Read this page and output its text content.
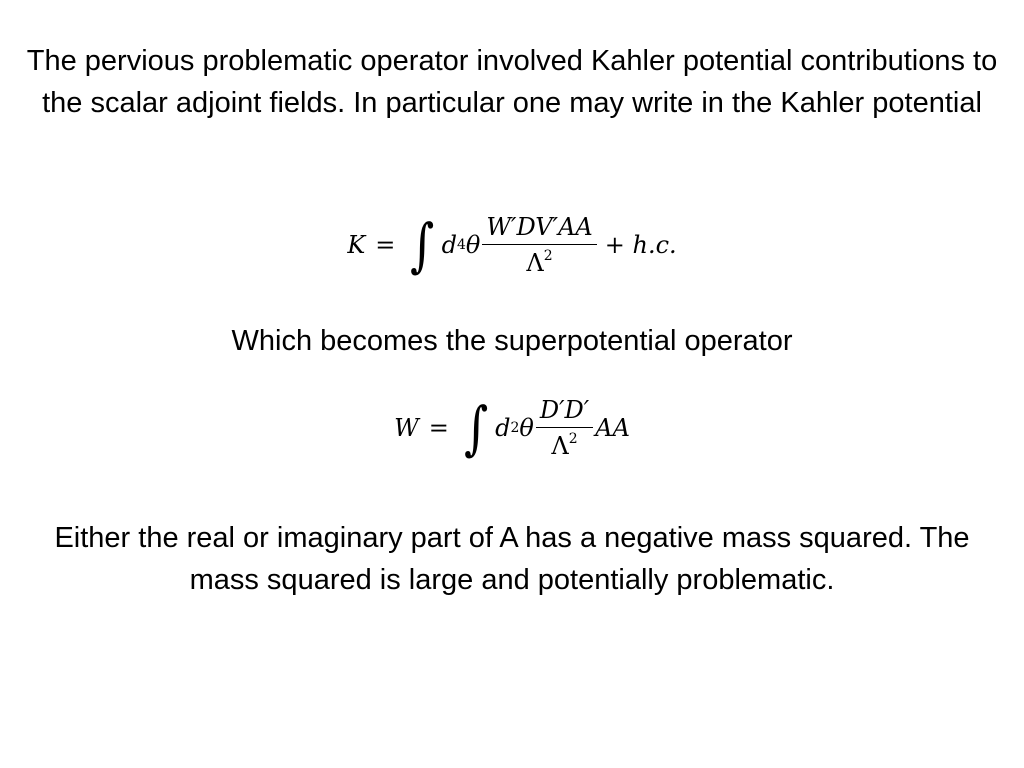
The pervious problematic operator involved Kahler potential contributions to the scalar adjoint fields. In particular one may write in the Kahler potential

K = ∫ d 4 θ $\frac{W'DV'AA}{\Lambda^2} + h.c$.

Which becomes the superpotential operator

W = ∫ d 2 θ $\frac{D'D'}{\Lambda^2}$ AA

Either the real or imaginary part of A has a negative mass squared. The mass squared is large and potentially problematic.
